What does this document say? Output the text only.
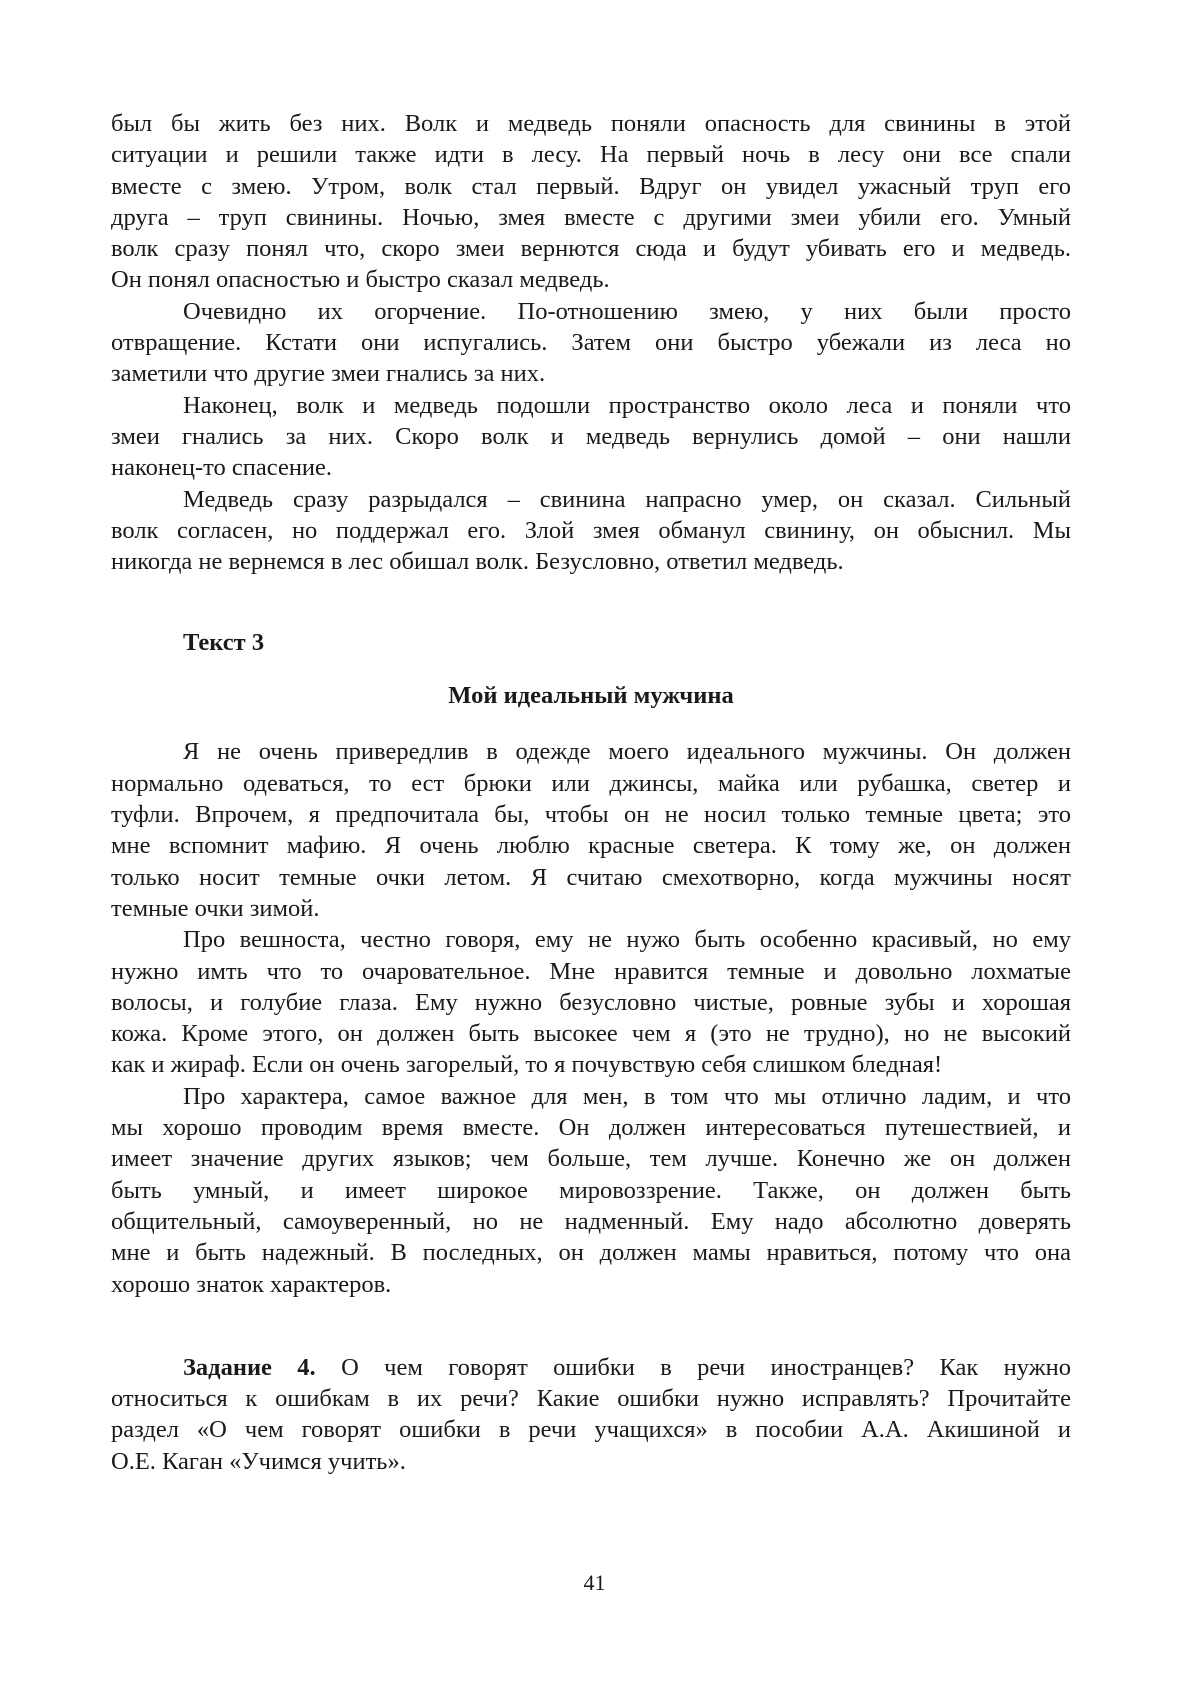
был бы жить без них. Волк и медведь поняли опасность для свинины в этой
ситуации и решили также идти в лесу. На первый ночь в лесу они все спали
вместе с змею. Утром, волк стал первый. Вдруг он увидел ужасный труп его
друга – труп свинины. Ночью, змея вместе с другими змеи убили его. Умный
волк сразу понял что, скоро змеи вернются сюда и будут убивать его и медведь.
Он понял опасностью и быстро сказал медведь.
Очевидно их огорчение. По-отношению змею, у них были просто
отвращение. Кстати они испугались. Затем они быстро убежали из леса но
заметили что другие змеи гнались за них.
Наконец, волк и медведь подошли пространство около леса и поняли что
змеи гнались за них. Скоро волк и медведь вернулись домой – они нашли
наконец-то спасение.
Медведь сразу разрыдался – свинина напрасно умер, он сказал. Сильный
волк согласен, но поддержал его. Злой змея обманул свинину, он обыснил. Мы
никогда не вернемся в лес обишал волк. Безусловно, ответил медведь.
Текст 3
Мой идеальный мужчина
Я не очень привередлив в одежде моего идеального мужчины. Он должен
нормально одеваться, то ест брюки или джинсы, майка или рубашка, светер и
туфли. Впрочем, я предпочитала бы, чтобы он не носил только темные цвета; это
мне вспомнит мафию. Я очень люблю красные светера. К тому же, он должен
только носит темные очки летом. Я считаю смехотворно, когда мужчины носят
темные очки зимой.
Про вешноста, честно говоря, ему не нужо быть особенно красивый, но ему
нужно имть что то очаровательное. Мне нравится темные и довольно лохматые
волосы, и голубие глаза. Ему нужно безусловно чистые, ровные зубы и хорошая
кожа. Кроме этого, он должен быть высокее чем я (это не трудно), но не высокий
как и жираф. Если он очень загорелый, то я почувствую себя слишком бледная!
Про характера, самое важное для мен, в том что мы отлично ладим, и что
мы хорошо проводим время вместе. Он должен интересоваться путешествией, и
имеет значение других языков; чем больше, тем лучше. Конечно же он должен
быть умный, и имеет широкое мировоззрение. Также, он должен быть
общительный, самоуверенный, но не надменный. Ему надо абсолютно доверять
мне и быть надежный. В последных, он должен мамы нравиться, потому что она
хорошо знаток характеров.
Задание 4. О чем говорят ошибки в речи иностранцев? Как нужно
относиться к ошибкам в их речи? Какие ошибки нужно исправлять? Прочитайте
раздел «О чем говорят ошибки в речи учащихся» в пособии А.А. Акишиной и
О.Е. Каган «Учимся учить».
41
